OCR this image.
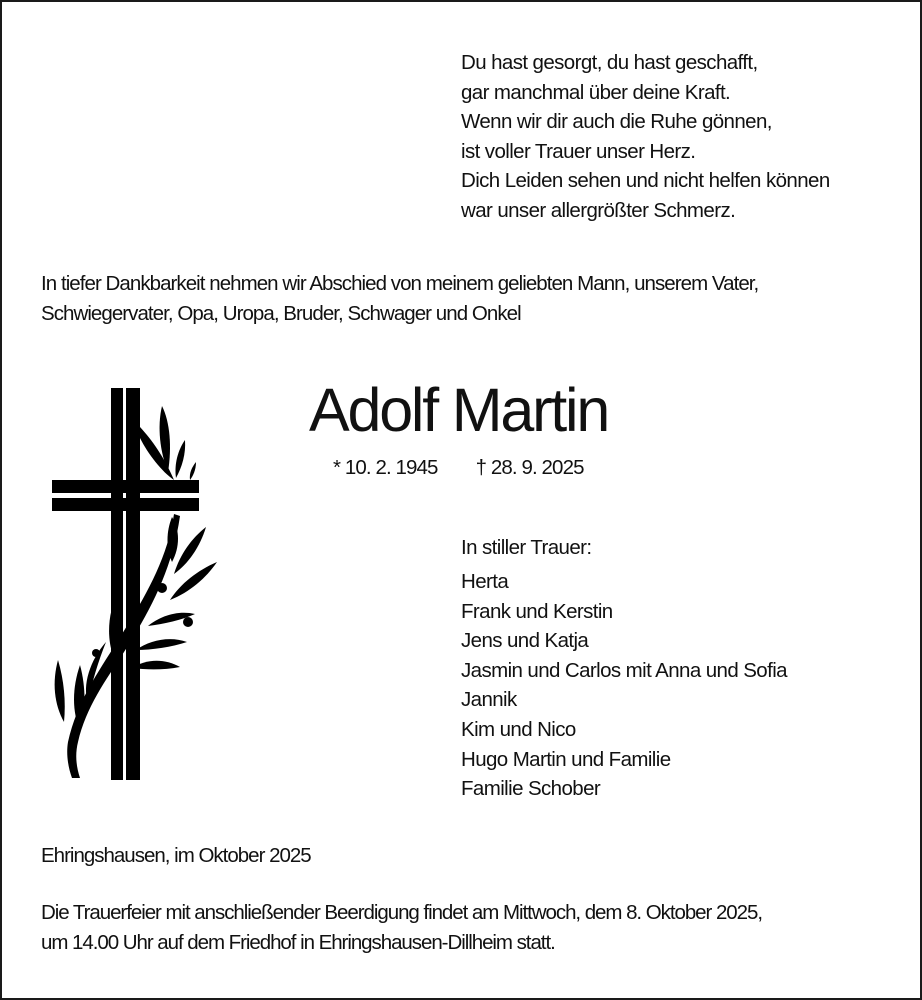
Du hast gesorgt, du hast geschafft,
gar manchmal über deine Kraft.
Wenn wir dir auch die Ruhe gönnen,
ist voller Trauer unser Herz.
Dich Leiden sehen und nicht helfen können
war unser allergrößter Schmerz.
In tiefer Dankbarkeit nehmen wir Abschied von meinem geliebten Mann, unserem Vater,
Schwiegervater, Opa, Uropa, Bruder, Schwager und Onkel
Adolf Martin
* 10. 2. 1945 † 28. 9. 2025
In stiller Trauer:
Herta
Frank und Kerstin
Jens und Katja
Jasmin und Carlos mit Anna und Sofia
Jannik
Kim und Nico
Hugo Martin und Familie
Familie Schober
Ehringshausen, im Oktober 2025
Die Trauerfeier mit anschließender Beerdigung findet am Mittwoch, dem 8. Oktober 2025,
um 14.00 Uhr auf dem Friedhof in Ehringshausen-Dillheim statt.
